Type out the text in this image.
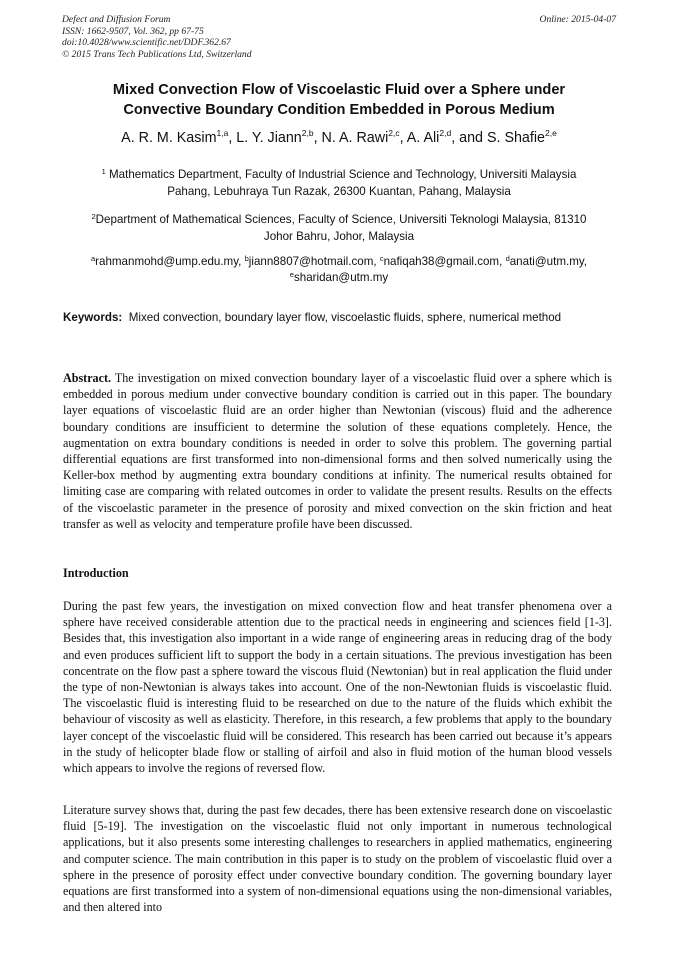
Defect and Diffusion Forum
ISSN: 1662-9507, Vol. 362, pp 67-75
doi:10.4028/www.scientific.net/DDF.362.67
© 2015 Trans Tech Publications Ltd, Switzerland
Online: 2015-04-07
Mixed Convection Flow of Viscoelastic Fluid over a Sphere under
Convective Boundary Condition Embedded in Porous Medium
A. R. M. Kasim$^{1,a}$, L. Y. Jiann$^{2,b}$, N. A. Rawi$^{2,c}$, A. Ali$^{2,d}$, and S. Shafie$^{2,e}$
$^1$ Mathematics Department, Faculty of Industrial Science and Technology, Universiti Malaysia
Pahang, Lebuhraya Tun Razak, 26300 Kuantan, Pahang, Malaysia
$^2$Department of Mathematical Sciences, Faculty of Science, Universiti Teknologi Malaysia, 81310
Johor Bahru, Johor, Malaysia
$^a$rahmanmohd@ump.edu.my, $^b$jiann8807@hotmail.com, $^c$nafiqah38@gmail.com, $^d$anati@utm.my,
$^e$sharidan@utm.my
Keywords: Mixed convection, boundary layer flow, viscoelastic fluids, sphere, numerical method
Abstract. The investigation on mixed convection boundary layer of a viscoelastic fluid over a sphere which is embedded in porous medium under convective boundary condition is carried out in this paper. The boundary layer equations of viscoelastic fluid are an order higher than Newtonian (viscous) fluid and the adherence boundary conditions are insufficient to determine the solution of these equations completely. Hence, the augmentation on extra boundary conditions is needed in order to solve this problem. The governing partial differential equations are first transformed into non-dimensional forms and then solved numerically using the Keller-box method by augmenting extra boundary conditions at infinity. The numerical results obtained for limiting case are comparing with related outcomes in order to validate the present results. Results on the effects of the viscoelastic parameter in the presence of porosity and mixed convection on the skin friction and heat transfer as well as velocity and temperature profile have been discussed.
Introduction
During the past few years, the investigation on mixed convection flow and heat transfer phenomena over a sphere have received considerable attention due to the practical needs in engineering and sciences field [1-3]. Besides that, this investigation also important in a wide range of engineering areas in reducing drag of the body and even produces sufficient lift to support the body in a certain situations. The previous investigation has been concentrate on the flow past a sphere toward the viscous fluid (Newtonian) but in real application the fluid under the type of non-Newtonian is always takes into account. One of the non-Newtonian fluids is viscoelastic fluid. The viscoelastic fluid is interesting fluid to be researched on due to the nature of the fluids which exhibit the behaviour of viscosity as well as elasticity. Therefore, in this research, a few problems that apply to the boundary layer concept of the viscoelastic fluid will be considered. This research has been carried out because it’s appears in the study of helicopter blade flow or stalling of airfoil and also in fluid motion of the human blood vessels which appears to involve the regions of reversed flow.
Literature survey shows that, during the past few decades, there has been extensive research done on viscoelastic fluid [5-19]. The investigation on the viscoelastic fluid not only important in numerous technological applications, but it also presents some interesting challenges to researchers in applied mathematics, engineering and computer science. The main contribution in this paper is to study on the problem of viscoelastic fluid over a sphere in the presence of porosity effect under convective boundary condition. The governing boundary layer equations are first transformed into a system of non-dimensional equations using the non-dimensional variables, and then altered into
